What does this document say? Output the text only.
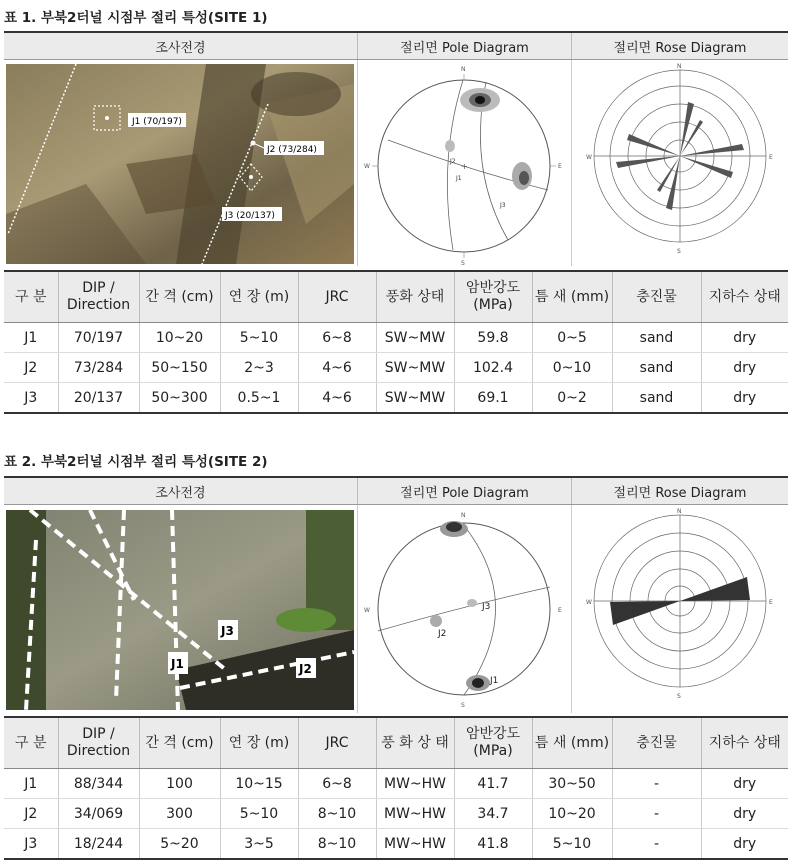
표 1. 부북2터널 시점부 절리 특성(SITE 1)
조사전경	절리면 Pole Diagram	절리면 Rose Diagram
J1 (70/197)
J2 (73/284)
J3 (20/137)
N
S
W	E
J2
J1
J3
+
N
S
W	E
구 분	DIP / Direction	간 격 (cm)	연 장 (m)	JRC	풍화 상태	암반강도 (MPa)	틈 새 (mm)	충진물	지하수 상태
J1	70/197	10~20	5~10	6~8	SW~MW	59.8	0~5	sand	dry
J2	73/284	50~150	2~3	4~6	SW~MW	102.4	0~10	sand	dry
J3	20/137	50~300	0.5~1	4~6	SW~MW	69.1	0~2	sand	dry
표 2. 부북2터널 시점부 절리 특성(SITE 2)
조사전경	절리면 Pole Diagram	절리면 Rose Diagram
J3
J1	J2
N
S
W	E
J3
J2
J1
N
S
W	E
구 분	DIP / Direction	간 격 (cm)	연 장 (m)	JRC	풍 화 상 태	암반강도 (MPa)	틈 새 (mm)	충진물	지하수 상태
J1	88/344	100	10~15	6~8	MW~HW	41.7	30~50	-	dry
J2	34/069	300	5~10	8~10	MW~HW	34.7	10~20	-	dry
J3	18/244	5~20	3~5	8~10	MW~HW	41.8	5~10	-	dry
